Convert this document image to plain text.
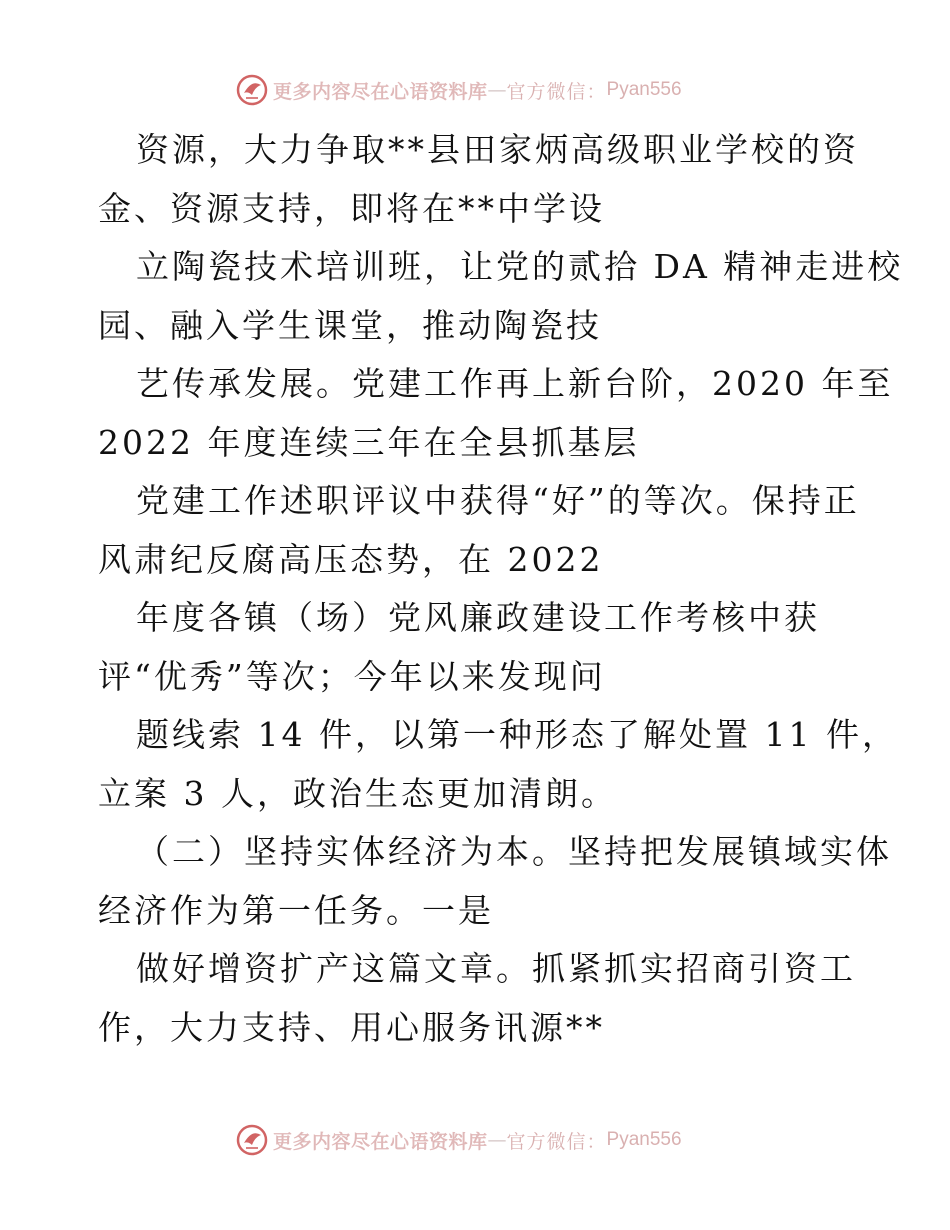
更多内容尽在心语资料库 — 官方微信： Pyan556
资源，大力争取**县田家炳高级职业学校的资
金、资源支持，即将在**中学设
立陶瓷技术培训班，让党的贰拾 DA 精神走进校
园、融入学生课堂，推动陶瓷技
艺传承发展。党建工作再上新台阶，2020 年至
2022 年度连续三年在全县抓基层
党建工作述职评议中获得“好”的等次。保持正
风肃纪反腐高压态势，在 2022
年度各镇（场）党风廉政建设工作考核中获
评“优秀”等次；今年以来发现问
题线索 14 件，以第一种形态了解处置 11 件，
立案 3 人，政治生态更加清朗。
（二）坚持实体经济为本。坚持把发展镇域实体
经济作为第一任务。一是
做好增资扩产这篇文章。抓紧抓实招商引资工
作，大力支持、用心服务讯源**
更多内容尽在心语资料库 — 官方微信： Pyan556
